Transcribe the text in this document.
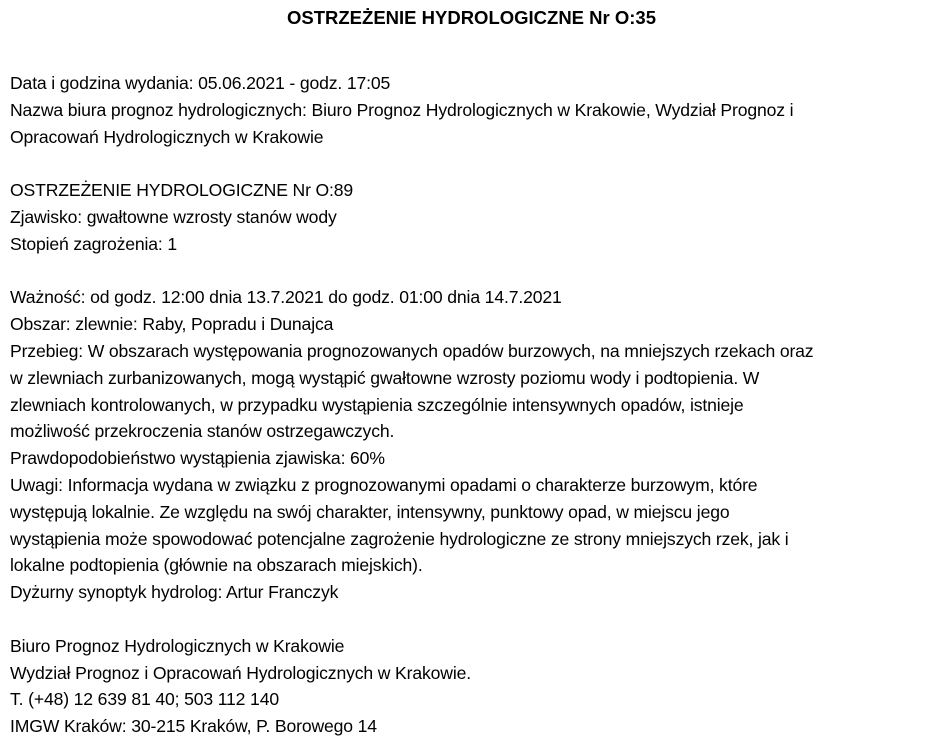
OSTRZEŻENIE HYDROLOGICZNE Nr O:35
Data i godzina wydania: 05.06.2021 - godz. 17:05
Nazwa biura prognoz hydrologicznych: Biuro Prognoz Hydrologicznych w Krakowie, Wydział Prognoz i
Opracowań Hydrologicznych w Krakowie
OSTRZEŻENIE HYDROLOGICZNE Nr O:89
Zjawisko: gwałtowne wzrosty stanów wody
Stopień zagrożenia: 1
Ważność: od godz. 12:00 dnia 13.7.2021 do godz. 01:00 dnia 14.7.2021
Obszar: zlewnie: Raby, Popradu i Dunajca
Przebieg: W obszarach występowania prognozowanych opadów burzowych, na mniejszych rzekach oraz
w zlewniach zurbanizowanych, mogą wystąpić gwałtowne wzrosty poziomu wody i podtopienia. W
zlewniach kontrolowanych, w przypadku wystąpienia szczególnie intensywnych opadów, istnieje
możliwość przekroczenia stanów ostrzegawczych.
Prawdopodobieństwo wystąpienia zjawiska: 60%
Uwagi: Informacja wydana w związku z prognozowanymi opadami o charakterze burzowym, które
występują lokalnie. Ze względu na swój charakter, intensywny, punktowy opad, w miejscu jego
wystąpienia może spowodować potencjalne zagrożenie hydrologiczne ze strony mniejszych rzek, jak i
lokalne podtopienia (głównie na obszarach miejskich).
Dyżurny synoptyk hydrolog: Artur Franczyk
Biuro Prognoz Hydrologicznych w Krakowie
Wydział Prognoz i Opracowań Hydrologicznych w Krakowie.
T. (+48) 12 639 81 40; 503 112 140
IMGW Kraków: 30-215 Kraków, P. Borowego 14
